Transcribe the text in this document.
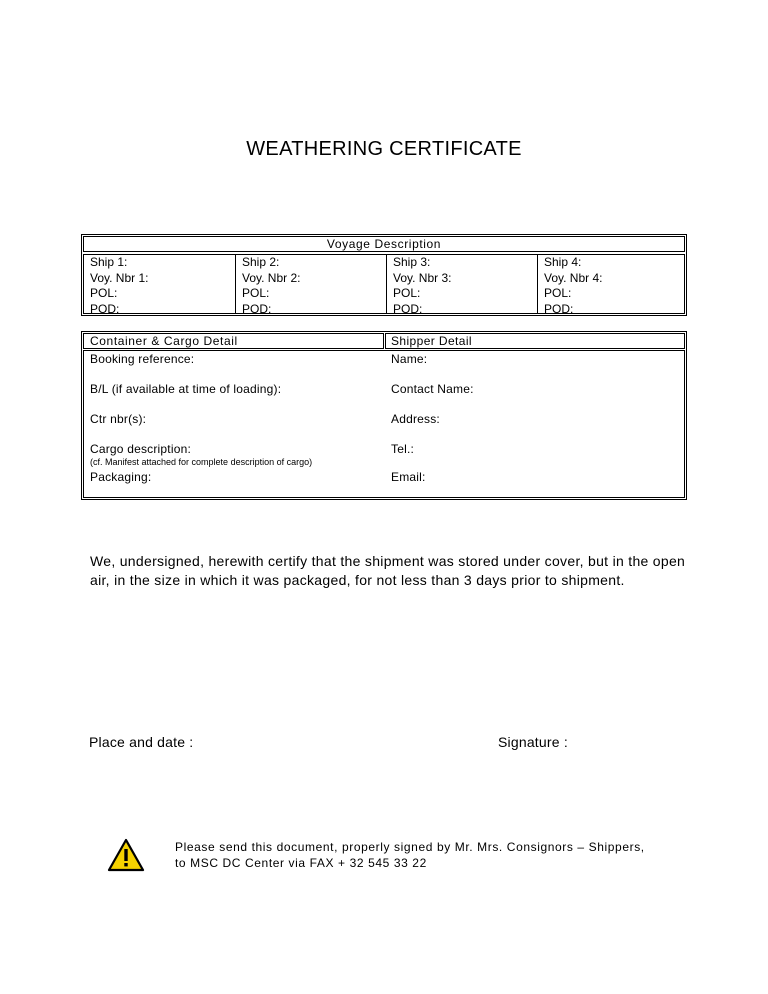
WEATHERING CERTIFICATE
Voyage Description
Ship 1:
Voy. Nbr 1:
POL:
POD:
Ship 2:
Voy. Nbr 2:
POL:
POD:
Ship 3:
Voy. Nbr 3:
POL:
POD:
Ship 4:
Voy. Nbr 4:
POL:
POD:
Container & Cargo Detail	Shipper Detail
Booking reference:
B/L (if available at time of loading):
Ctr nbr(s):
Cargo description:
(cf. Manifest attached for complete description of cargo)
Packaging:
Name:
Contact Name:
Address:
Tel.:
Email:
We, undersigned, herewith certify that the shipment was stored under cover, but in the open air, in the size in which it was packaged, for not less than 3 days prior to shipment.
Place and date :	Signature :
Please send this document, properly signed by Mr. Mrs. Consignors – Shippers,
to MSC DC Center via FAX + 32 545 33 22
